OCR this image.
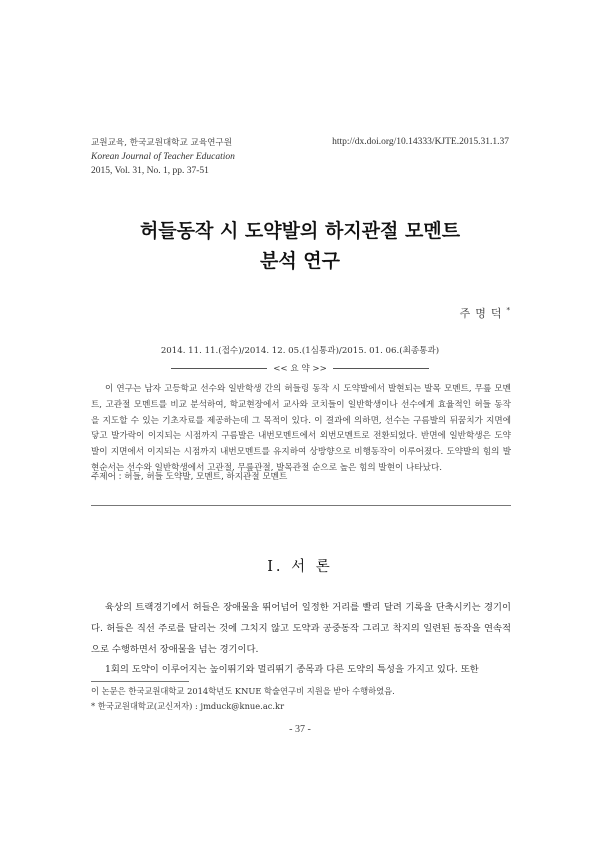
교원교육, 한국교원대학교 교육연구원
Korean Journal of Teacher Education
2015, Vol. 31, No. 1, pp. 37-51
http://dx.doi.org/10.14333/KJTE.2015.31.1.37
허들동작 시 도약발의 하지관절 모멘트
분석 연구
주명덕*
2014. 11. 11.(접수)/2014. 12. 05.(1심통과)/2015. 01. 06.(최종통과)
<< 요 약 >>
이 연구는 남자 고등학교 선수와 일반학생 간의 허들링 동작 시 도약발에서 발현되는 발목 모멘트, 무릎 모멘트, 고관절 모멘트를 비교 분석하여, 학교현장에서 교사와 코치들이 일반학생이나 선수에게 효율적인 허들 동작을 지도할 수 있는 기초자료를 제공하는데 그 목적이 있다. 이 결과에 의하면, 선수는 구름발의 뒤꿈치가 지면에 닿고 발가락이 이지되는 시점까지 구름발은 내번모멘트에서 외번모멘트로 전환되었다. 반면에 일반학생은 도약발이 지면에서 이지되는 시점까지 내번모멘트를 유지하여 상방향으로 비행동작이 이루어졌다. 도약발의 힘의 발현순서는 선수와 일반학생에서 고관절, 무릎관절, 발목관절 순으로 높은 힘의 발현이 나타났다.
주제어 : 허들, 허들 도약발, 모멘트, 하지관절 모멘트
Ⅰ. 서 론

육상의 트랙경기에서 허들은 장애물을 뛰어넘어 일정한 거리를 빨리 달려 기록을 단축시키는 경기이다. 허들은 직선 주로를 달리는 것에 그치지 않고 도약과 공중동작 그리고 착지의 일련된 동작을 연속적으로 수행하면서 장애물을 넘는 경기이다.

1회의 도약이 이루어지는 높이뛰기와 멀리뛰기 종목과 다른 도약의 특성을 가지고 있다. 또한

이 논문은 한국교원대학교 2014학년도 KNUE 학술연구비 지원을 받아 수행하였음.
* 한국교원대학교(교신저자) : jmduck@knue.ac.kr
- 37 -
